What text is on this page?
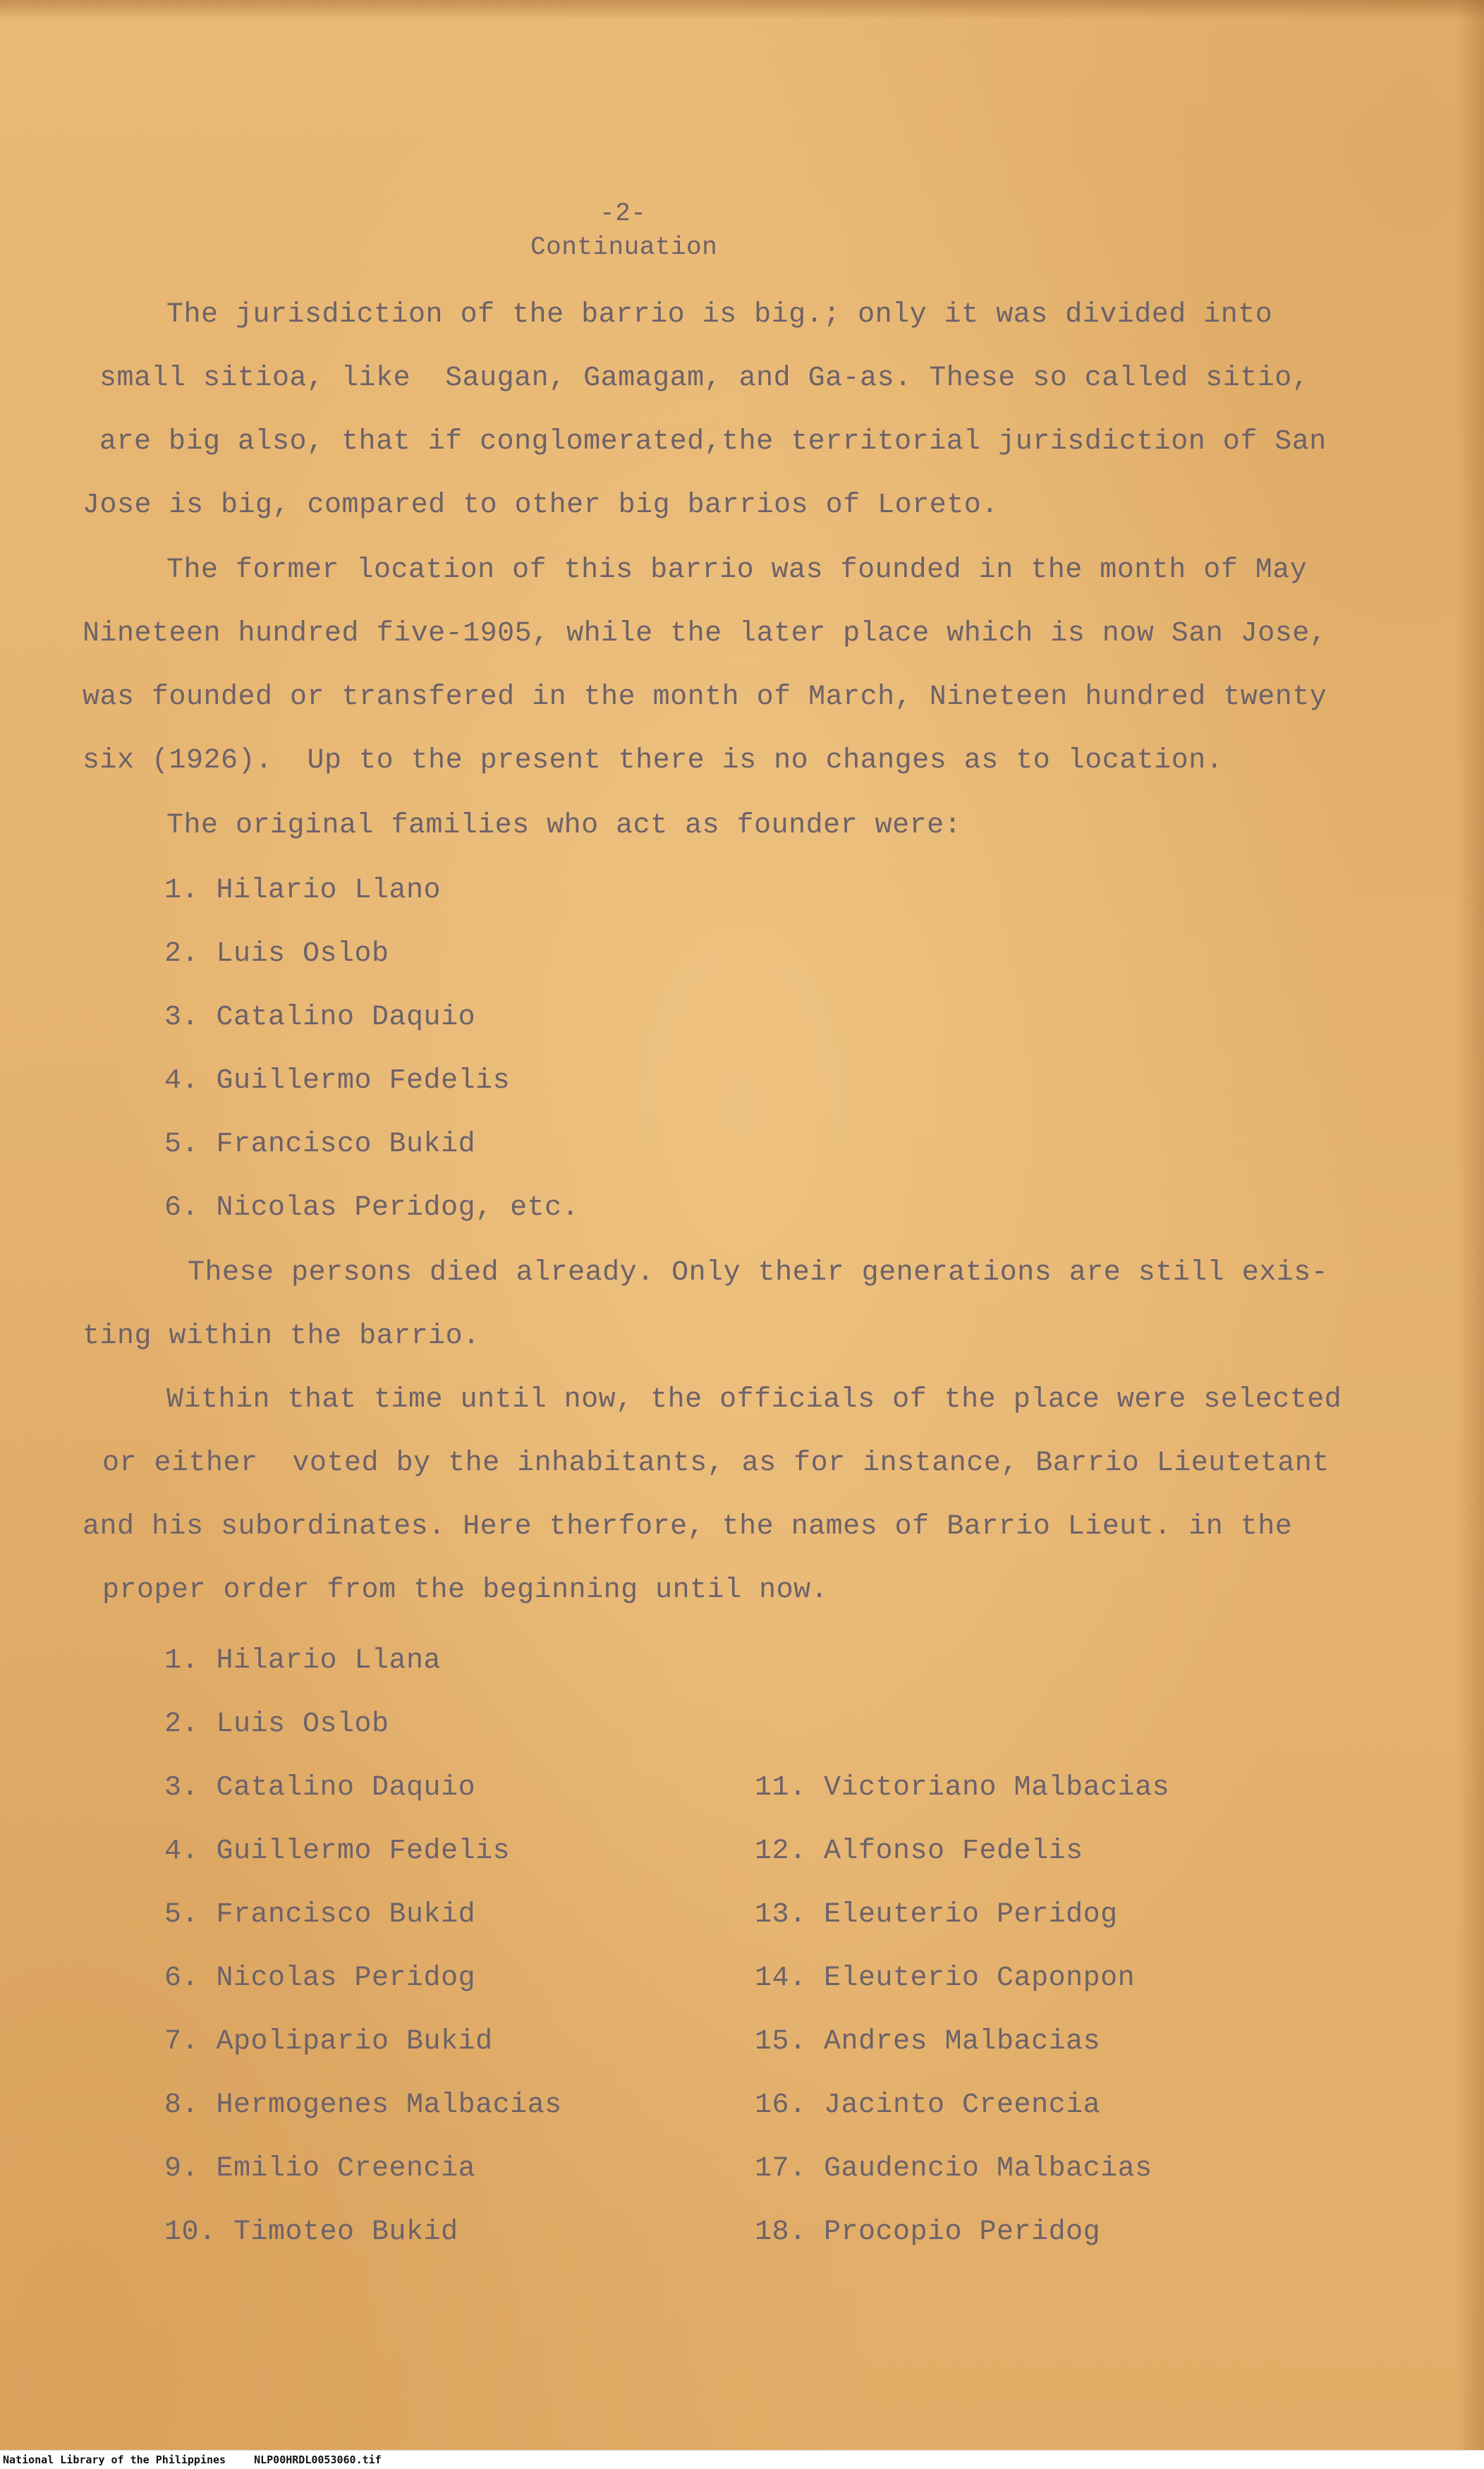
-2-
Continuation
The jurisdiction of the barrio is big.; only it was divided into
small sitioa, like  Saugan, Gamagam, and Ga-as. These so called sitio,
are big also, that if conglomerated,the territorial jurisdiction of San
Jose is big, compared to other big barrios of Loreto.
The former location of this barrio was founded in the month of May
Nineteen hundred five-1905, while the later place which is now San Jose,
was founded or transfered in the month of March, Nineteen hundred twenty
six (1926).  Up to the present there is no changes as to location.
The original families who act as founder were:
1. Hilario Llano
2. Luis Oslob
3. Catalino Daquio
4. Guillermo Fedelis
5. Francisco Bukid
6. Nicolas Peridog, etc.
These persons died already. Only their generations are still exis-
ting within the barrio.
Within that time until now, the officials of the place were selected
or either  voted by the inhabitants, as for instance, Barrio Lieutetant
and his subordinates. Here therfore, the names of Barrio Lieut. in the
proper order from the beginning until now.
1. Hilario Llana
2. Luis Oslob
3. Catalino Daquio
4. Guillermo Fedelis
5. Francisco Bukid
6. Nicolas Peridog
7. Apolipario Bukid
8. Hermogenes Malbacias
9. Emilio Creencia
10. Timoteo Bukid
11. Victoriano Malbacias
12. Alfonso Fedelis
13. Eleuterio Peridog
14. Eleuterio Caponpon
15. Andres Malbacias
16. Jacinto Creencia
17. Gaudencio Malbacias
18. Procopio Peridog
National Library of the Philippines	NLP00HRDL0053060.tif
